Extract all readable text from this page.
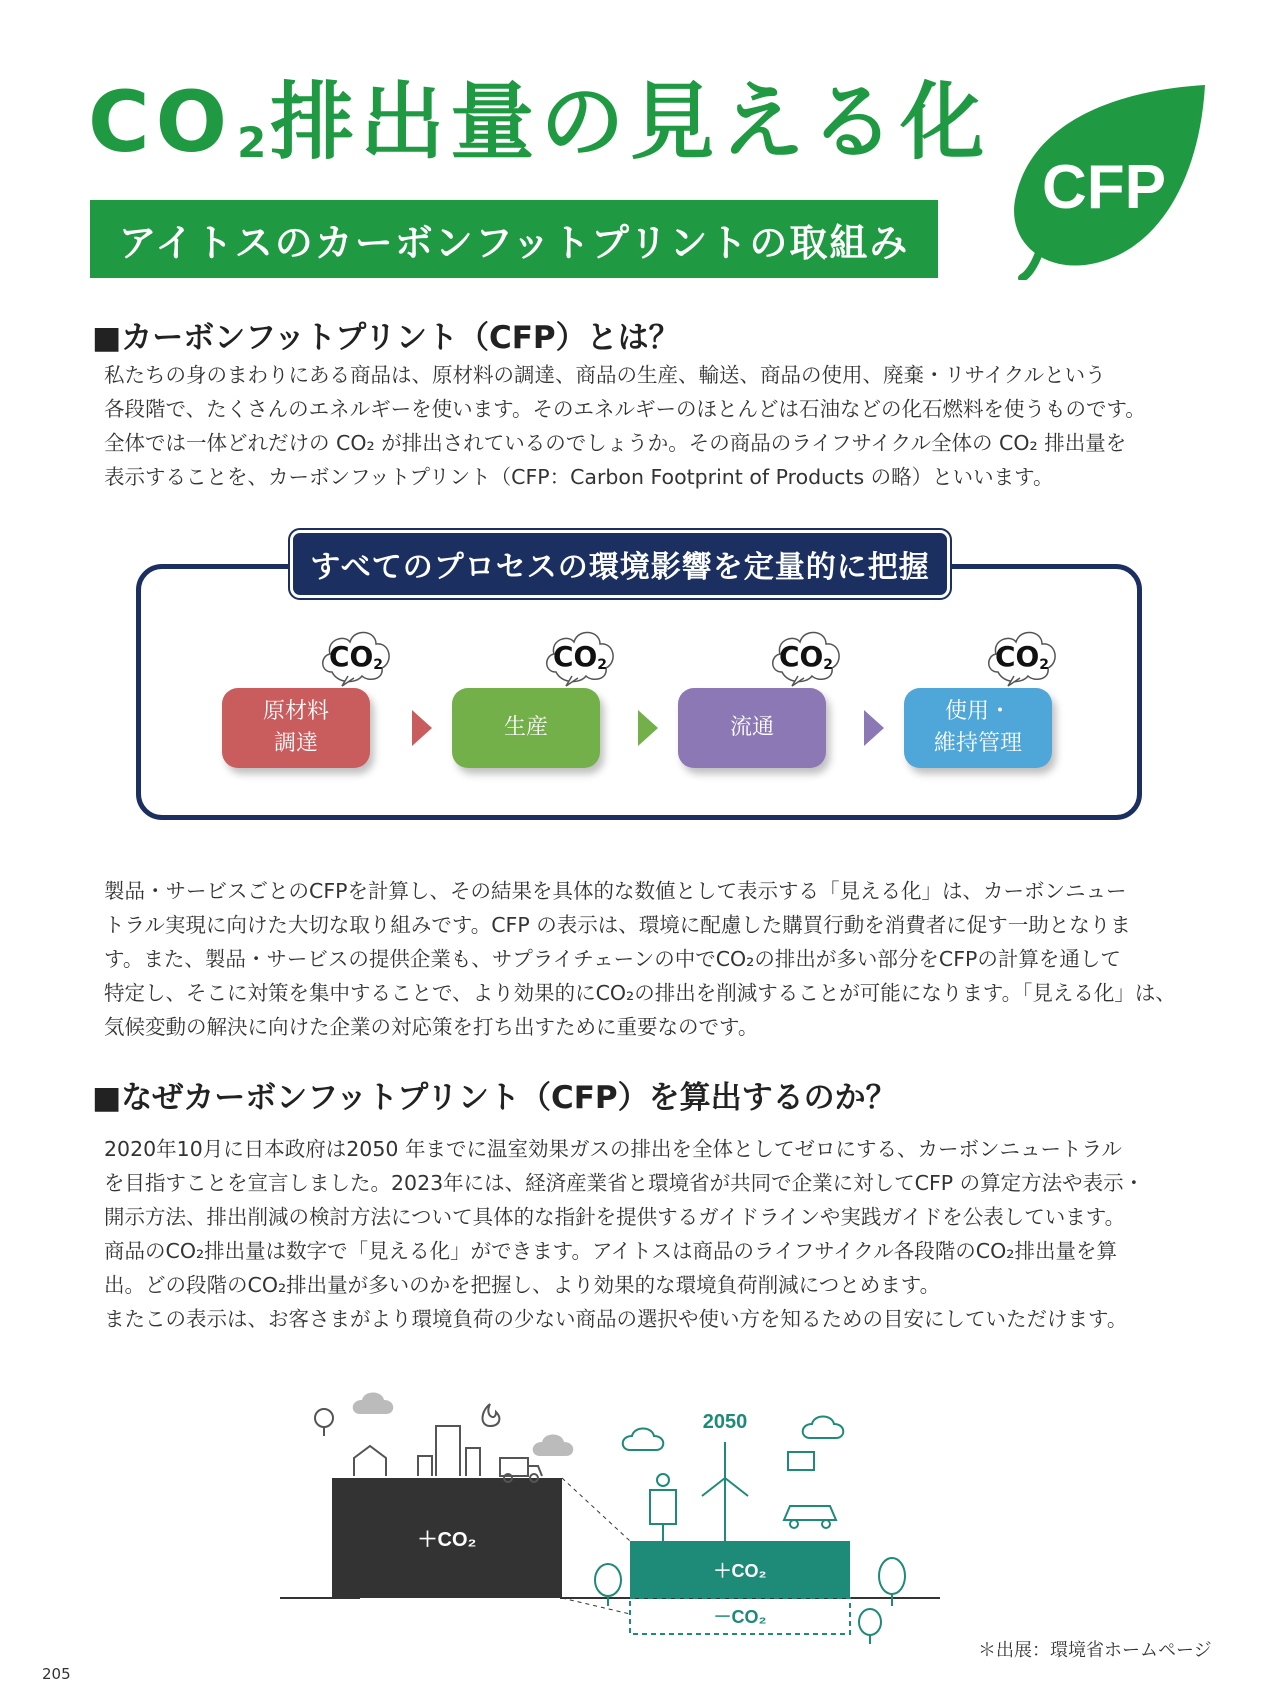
$CO_2$排出量の見える化
アイトスのカーボンフットプリントの取組み
CFP
■カーボンフットプリント（CFP）とは？

私たちの身のまわりにある商品は、原材料の調達、商品の生産、輸送、商品の使用、廃棄・リサイクルという

各段階で、たくさんのエネルギーを使います。そのエネルギーのほとんどは石油などの化石燃料を使うものです。

全体では一体どれだけの CO₂ が排出されているのでしょうか。その商品のライフサイクル全体の CO₂ 排出量を

表示することを、カーボンフットプリント（CFP：Carbon Footprint of Products の略）といいます。

すべてのプロセスの環境影響を定量的に把握
$CO_2$	$CO_2$	$CO_2$	$CO_2$
原材料
調達
生産	流通
使用・
維持管理

製品・サービスごとのCFPを計算し、その結果を具体的な数値として表示する「見える化」は、カーボンニュー

トラル実現に向けた大切な取り組みです。CFP の表示は、環境に配慮した購買行動を消費者に促す一助となりま

す。また、製品・サービスの提供企業も、サプライチェーンの中でCO₂の排出が多い部分をCFPの計算を通して

特定し、そこに対策を集中することで、より効果的にCO₂の排出を削減することが可能になります。「見える化」は、

気候変動の解決に向けた企業の対応策を打ち出すために重要なのです。

■なぜカーボンフットプリント（CFP）を算出するのか？

2020年10月に日本政府は2050 年までに温室効果ガスの排出を全体としてゼロにする、カーボンニュートラル

を目指すことを宣言しました。2023年には、経済産業省と環境省が共同で企業に対してCFP の算定方法や表示・

開示方法、排出削減の検討方法について具体的な指針を提供するガイドラインや実践ガイドを公表しています。

商品のCO₂排出量は数字で「見える化」ができます。アイトスは商品のライフサイクル各段階のCO₂排出量を算

出。どの段階のCO₂排出量が多いのかを把握し、より効果的な環境負荷削減につとめます。

またこの表示は、お客さまがより環境負荷の少ない商品の選択や使い方を知るための目安にしていただけます。

＋CO₂
＋CO₂
－CO₂
2050
＊出展：環境省ホームページ
205
